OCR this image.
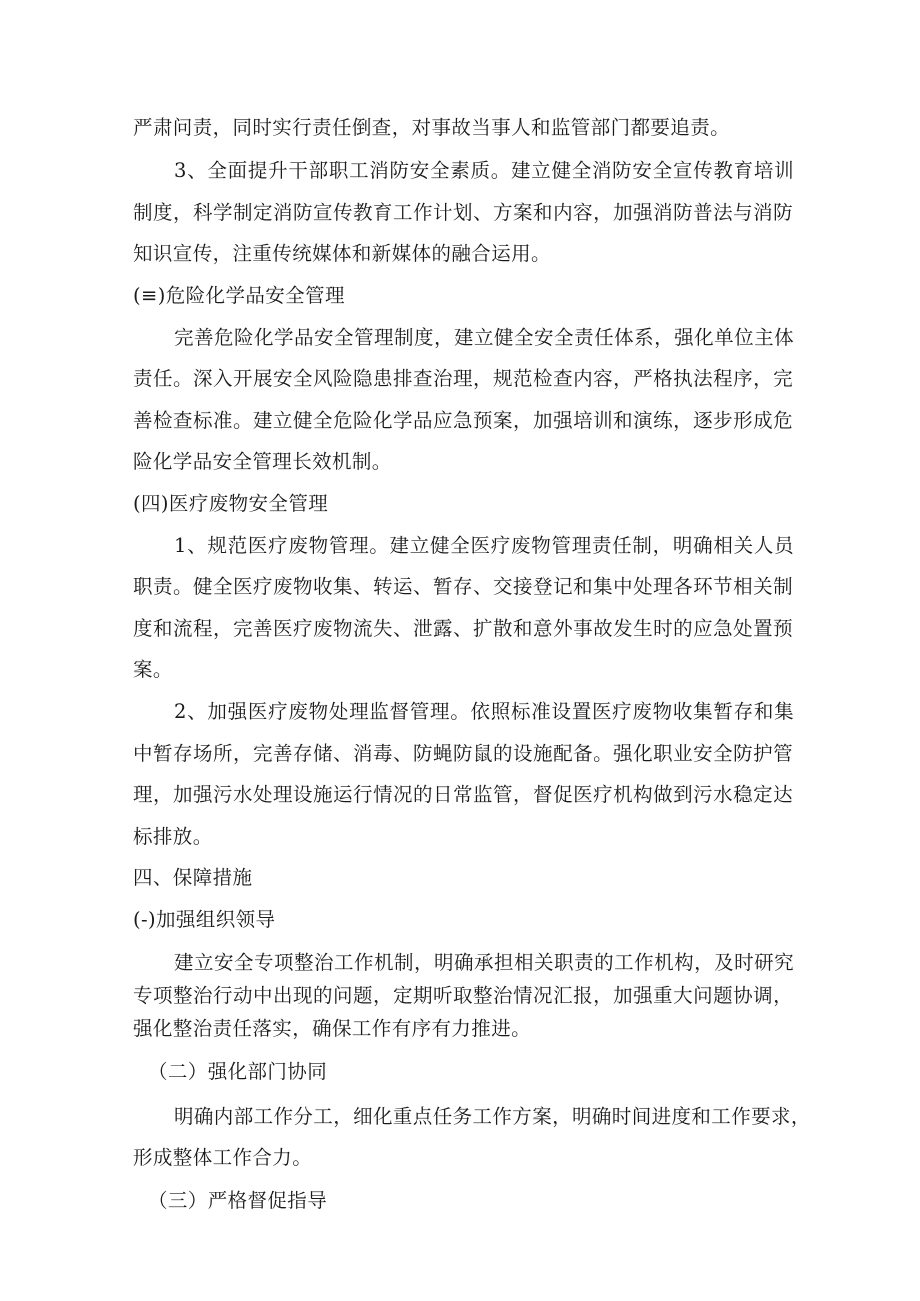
严肃问责，同时实行责任倒查，对事故当事人和监管部门都要追责。
3、全面提升干部职工消防安全素质。建立健全消防安全宣传教育培训
制度，科学制定消防宣传教育工作计划、方案和内容，加强消防普法与消防
知识宣传，注重传统媒体和新媒体的融合运用。
(≡)危险化学品安全管理
完善危险化学品安全管理制度，建立健全安全责任体系，强化单位主体
责任。深入开展安全风险隐患排查治理，规范检查内容，严格执法程序，完
善检查标准。建立健全危险化学品应急预案，加强培训和演练，逐步形成危
险化学品安全管理长效机制。
(四)医疗废物安全管理
1、规范医疗废物管理。建立健全医疗废物管理责任制，明确相关人员
职责。健全医疗废物收集、转运、暂存、交接登记和集中处理各环节相关制
度和流程，完善医疗废物流失、泄露、扩散和意外事故发生时的应急处置预
案。
2、加强医疗废物处理监督管理。依照标准设置医疗废物收集暂存和集
中暂存场所，完善存储、消毒、防蝇防鼠的设施配备。强化职业安全防护管
理，加强污水处理设施运行情况的日常监管，督促医疗机构做到污水稳定达
标排放。
四、保障措施
(-)加强组织领导
建立安全专项整治工作机制，明确承担相关职责的工作机构，及时研究
专项整治行动中出现的问题，定期听取整治情况汇报，加强重大问题协调，
强化整治责任落实，确保工作有序有力推进。
（二）强化部门协同
明确内部工作分工，细化重点任务工作方案，明确时间进度和工作要求，
形成整体工作合力。
（三）严格督促指导
